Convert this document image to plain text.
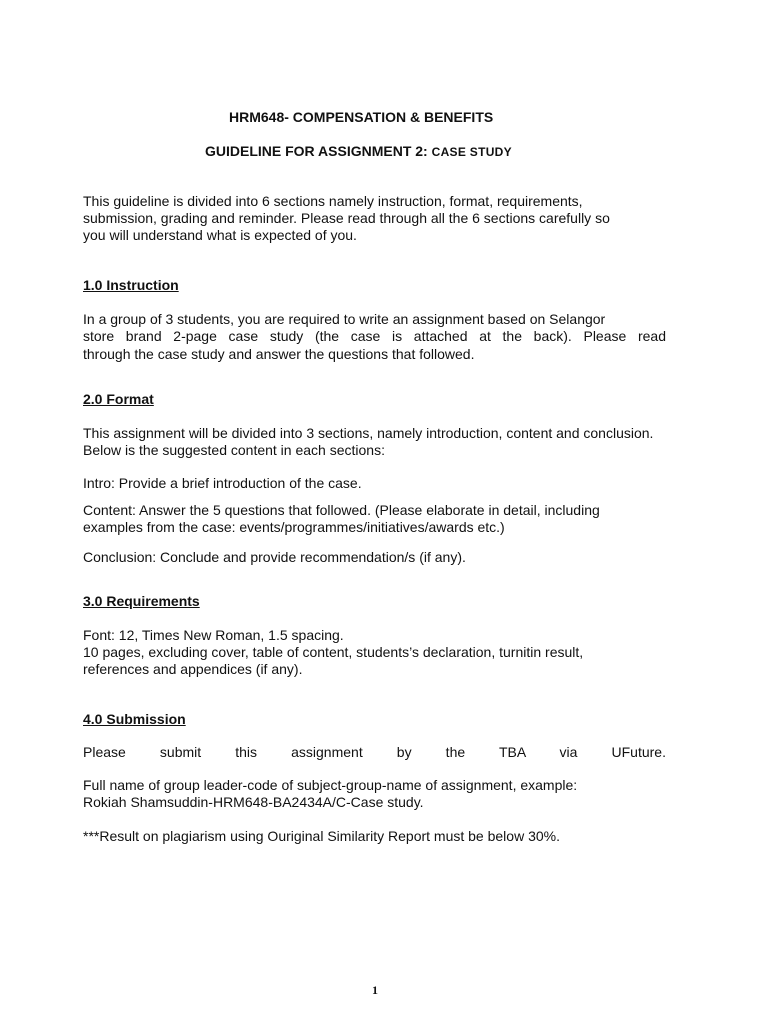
HRM648- COMPENSATION & BENEFITS
GUIDELINE FOR ASSIGNMENT 2: CASE STUDY
This guideline is divided into 6 sections namely instruction, format, requirements,
submission, grading and reminder. Please read through all the 6 sections carefully so
you will understand what is expected of you.
1.0 Instruction
In a group of 3 students, you are required to write an assignment based on Selangor
store brand 2-page case study (the case is attached at the back). Please read
through the case study and answer the questions that followed.
2.0 Format
This assignment will be divided into 3 sections, namely introduction, content and conclusion.
Below is the suggested content in each sections:
Intro: Provide a brief introduction of the case.
Content: Answer the 5 questions that followed. (Please elaborate in detail, including
examples from the case: events/programmes/initiatives/awards etc.)
Conclusion: Conclude and provide recommendation/s (if any).
3.0 Requirements
Font: 12, Times New Roman, 1.5 spacing.
10 pages, excluding cover, table of content, students’s declaration, turnitin result,
references and appendices (if any).
4.0 Submission
Please submit this assignment by the TBA via UFuture.
Full name of group leader-code of subject-group-name of assignment, example:
Rokiah Shamsuddin-HRM648-BA2434A/C-Case study.
***Result on plagiarism using Ouriginal Similarity Report must be below 30%.
1
